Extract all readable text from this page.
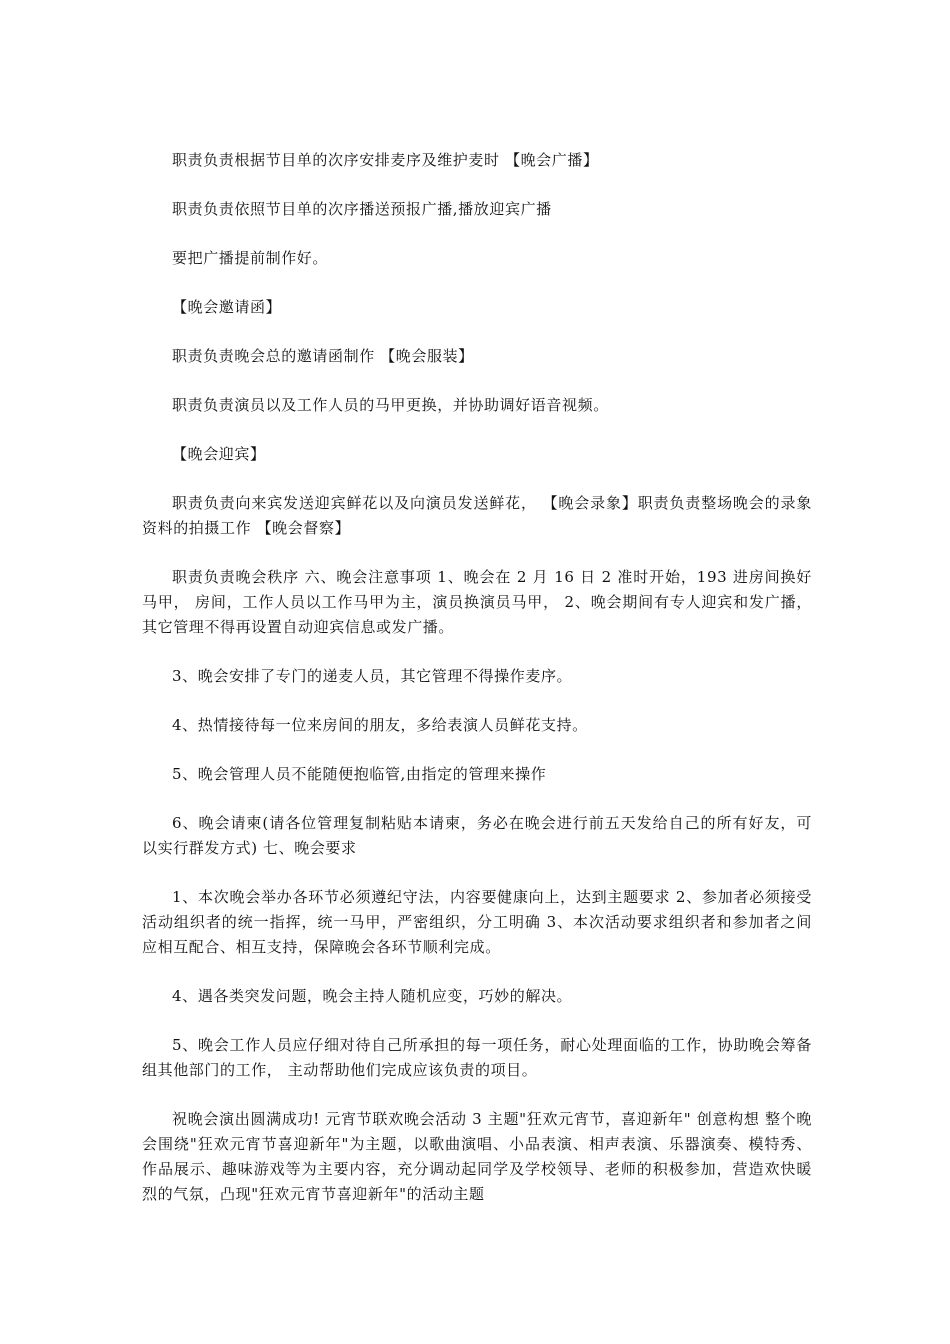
职责负责根据节目单的次序安排麦序及维护麦时 【晚会广播】

职责负责依照节目单的次序播送预报广播,播放迎宾广播

要把广播提前制作好。

【晚会邀请函】

职责负责晚会总的邀请函制作 【晚会服装】

职责负责演员以及工作人员的马甲更换，并协助调好语音视频。

【晚会迎宾】

职责负责向来宾发送迎宾鲜花以及向演员发送鲜花， 【晚会录象】职责负责整场晚会的录象资料的拍摄工作 【晚会督察】

职责负责晚会秩序 六、晚会注意事项 1、晚会在 2 月 16 日 2 准时开始，193 进房间换好马甲， 房间，工作人员以工作马甲为主，演员换演员马甲， 2、晚会期间有专人迎宾和发广播，其它管理不得再设置自动迎宾信息或发广播。

3、晚会安排了专门的递麦人员，其它管理不得操作麦序。

4、热情接待每一位来房间的朋友，多给表演人员鲜花支持。

5、晚会管理人员不能随便抱临管,由指定的管理来操作

6、晚会请柬(请各位管理复制粘贴本请柬，务必在晚会进行前五天发给自己的所有好友，可以实行群发方式) 七、晚会要求

1、本次晚会举办各环节必须遵纪守法，内容要健康向上，达到主题要求 2、参加者必须接受活动组织者的统一指挥，统一马甲，严密组织，分工明确 3、本次活动要求组织者和参加者之间应相互配合、相互支持，保障晚会各环节顺利完成。

4、遇各类突发问题，晚会主持人随机应变，巧妙的解决。

5、晚会工作人员应仔细对待自己所承担的每一项任务，耐心处理面临的工作，协助晚会筹备组其他部门的工作， 主动帮助他们完成应该负责的项目。

祝晚会演出圆满成功! 元宵节联欢晚会活动 3 主题"狂欢元宵节，喜迎新年" 创意构想 整个晚会围绕"狂欢元宵节喜迎新年"为主题，以歌曲演唱、小品表演、相声表演、乐器演奏、模特秀、作品展示、趣味游戏等为主要内容，充分调动起同学及学校领导、老师的积极参加，营造欢快暖烈的气氛，凸现"狂欢元宵节喜迎新年"的活动主题
